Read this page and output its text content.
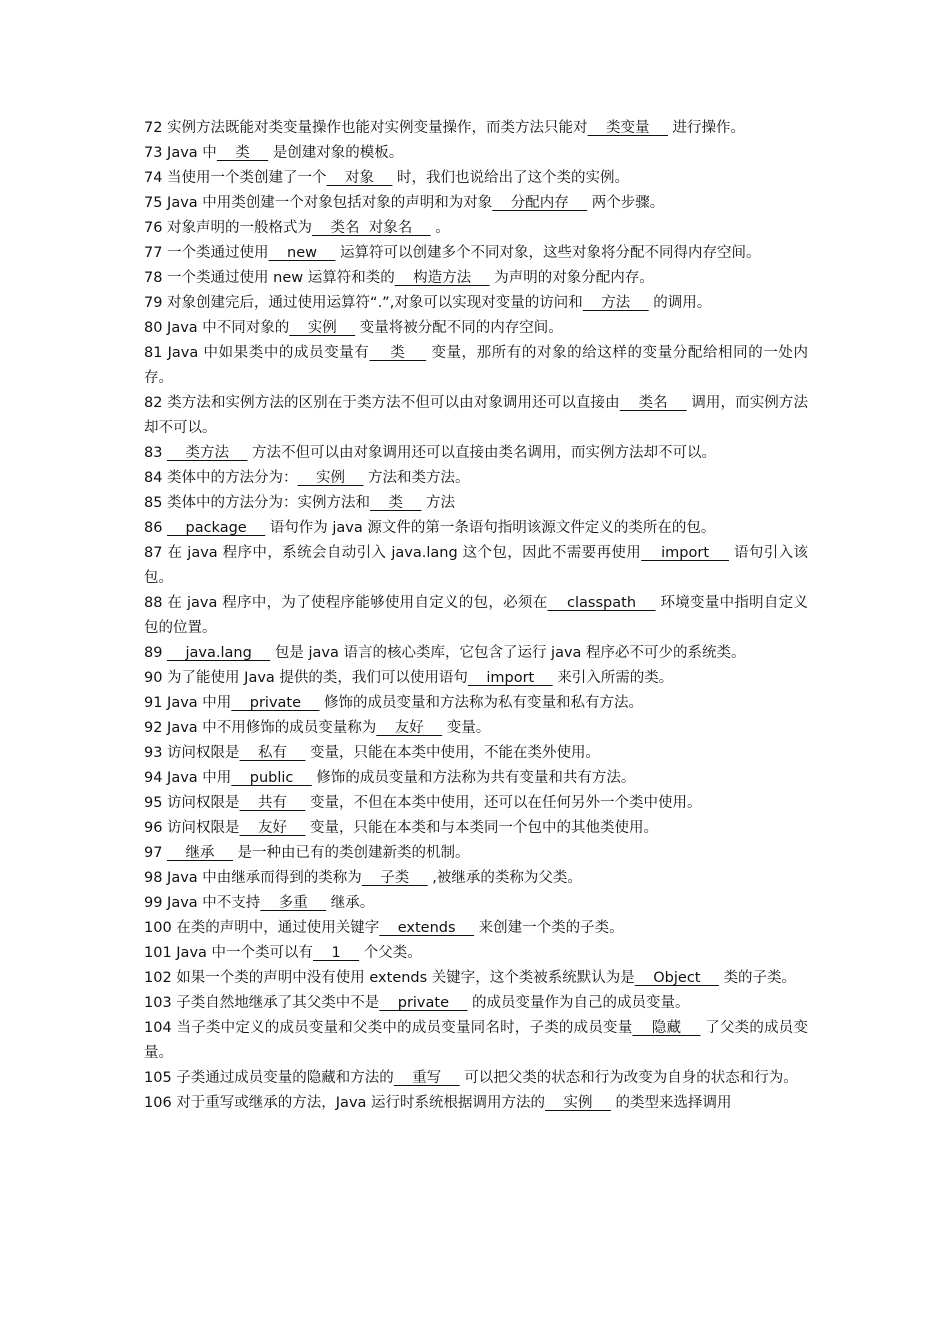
72 实例方法既能对类变量操作也能对实例变量操作，而类方法只能对    类变量     进行操作。

73 Java 中    类     是创建对象的模板。

74 当使用一个类创建了一个    对象     时，我们也说给出了这个类的实例。

75 Java 中用类创建一个对象包括对象的声明和为对象    分配内存     两个步骤。

76 对象声明的一般格式为    类名  对象名     。

77 一个类通过使用    new     运算符可以创建多个不同对象，这些对象将分配不同得内存空间。

78 一个类通过使用 new 运算符和类的    构造方法     为声明的对象分配内存。

79 对象创建完后，通过使用运算符“.”,对象可以实现对变量的访问和    方法     的调用。

80 Java 中不同对象的    实例     变量将被分配不同的内存空间。

81 Java 中如果类中的成员变量有    类     变量，那所有的对象的给这样的变量分配给相同的一处内存。

82 类方法和实例方法的区别在于类方法不但可以由对象调用还可以直接由    类名     调用，而实例方法却不可以。

83     类方法     方法不但可以由对象调用还可以直接由类名调用，而实例方法却不可以。

84 类体中的方法分为：    实例     方法和类方法。

85 类体中的方法分为：实例方法和    类     方法

86     package     语句作为 java 源文件的第一条语句指明该源文件定义的类所在的包。

87 在 java 程序中，系统会自动引入 java.lang 这个包，因此不需要再使用    import     语句引入该包。

88 在 java 程序中，为了使程序能够使用自定义的包，必须在    classpath     环境变量中指明自定义包的位置。

89     java.lang     包是 java 语言的核心类库，它包含了运行 java 程序必不可少的系统类。

90 为了能使用 Java 提供的类，我们可以使用语句    import     来引入所需的类。

91 Java 中用    private     修饰的成员变量和方法称为私有变量和私有方法。

92 Java 中不用修饰的成员变量称为    友好     变量。

93 访问权限是    私有     变量，只能在本类中使用，不能在类外使用。

94 Java 中用    public     修饰的成员变量和方法称为共有变量和共有方法。

95 访问权限是    共有     变量，不但在本类中使用，还可以在任何另外一个类中使用。

96 访问权限是    友好     变量，只能在本类和与本类同一个包中的其他类使用。

97     继承     是一种由已有的类创建新类的机制。

98 Java 中由继承而得到的类称为    子类     ,被继承的类称为父类。

99 Java 中不支持    多重     继承。

100 在类的声明中，通过使用关键字    extends     来创建一个类的子类。

101 Java 中一个类可以有    1     个父类。

102 如果一个类的声明中没有使用 extends 关键字，这个类被系统默认为是    Object     类的子类。

103 子类自然地继承了其父类中不是    private     的成员变量作为自己的成员变量。

104 当子类中定义的成员变量和父类中的成员变量同名时，子类的成员变量    隐藏     了父类的成员变量。

105 子类通过成员变量的隐藏和方法的    重写     可以把父类的状态和行为改变为自身的状态和行为。

106 对于重写或继承的方法，Java 运行时系统根据调用方法的    实例     的类型来选择调用
